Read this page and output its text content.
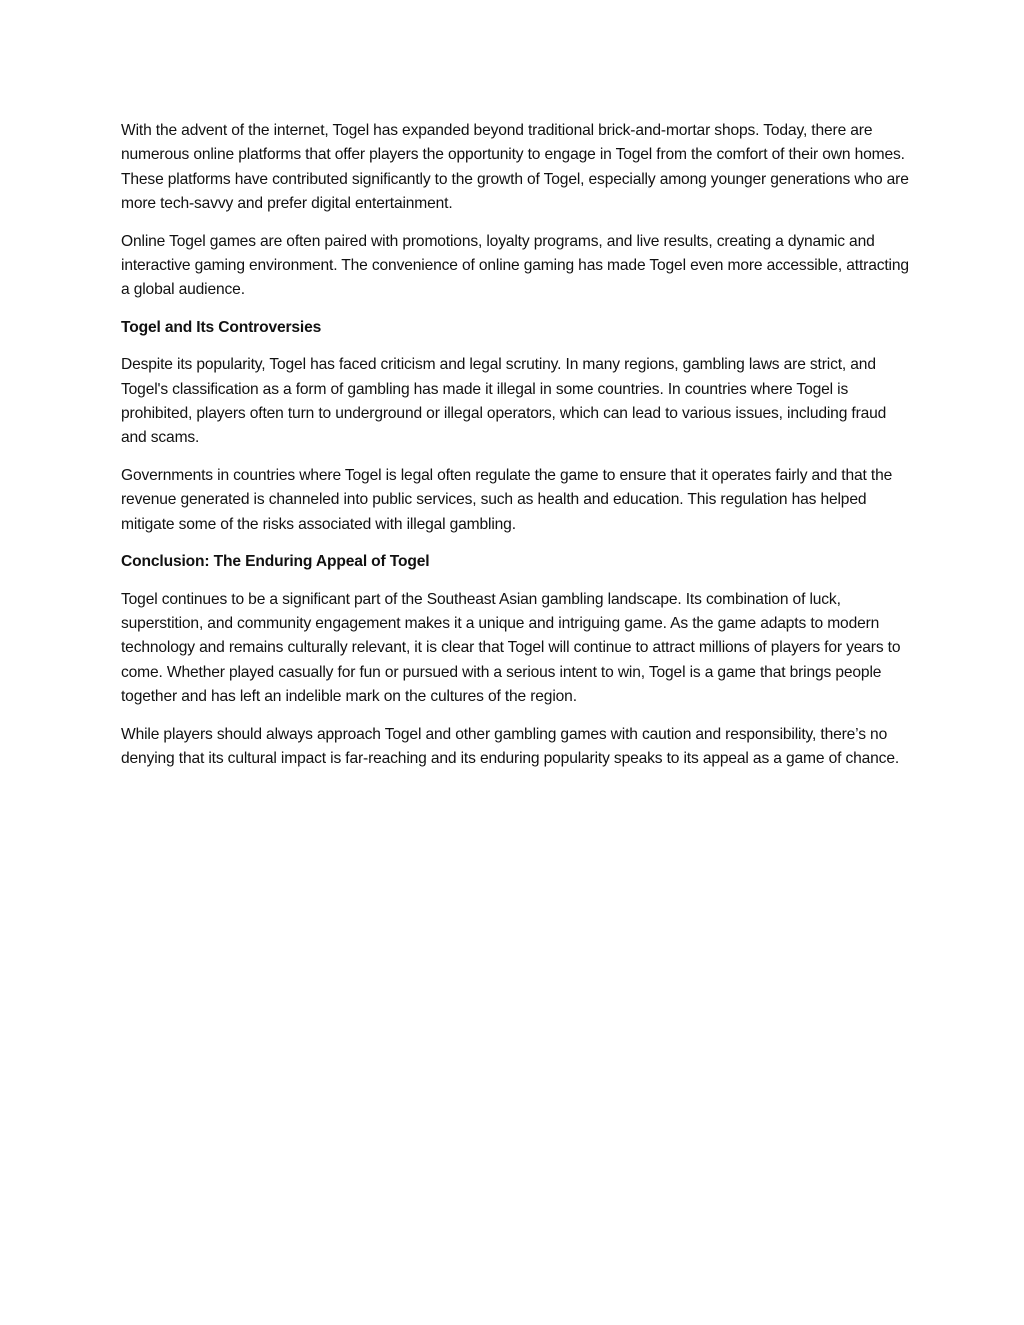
With the advent of the internet, Togel has expanded beyond traditional brick-and-mortar shops. Today, there are numerous online platforms that offer players the opportunity to engage in Togel from the comfort of their own homes. These platforms have contributed significantly to the growth of Togel, especially among younger generations who are more tech-savvy and prefer digital entertainment.

Online Togel games are often paired with promotions, loyalty programs, and live results, creating a dynamic and interactive gaming environment. The convenience of online gaming has made Togel even more accessible, attracting a global audience.

Togel and Its Controversies

Despite its popularity, Togel has faced criticism and legal scrutiny. In many regions, gambling laws are strict, and Togel's classification as a form of gambling has made it illegal in some countries. In countries where Togel is prohibited, players often turn to underground or illegal operators, which can lead to various issues, including fraud and scams.

Governments in countries where Togel is legal often regulate the game to ensure that it operates fairly and that the revenue generated is channeled into public services, such as health and education. This regulation has helped mitigate some of the risks associated with illegal gambling.

Conclusion: The Enduring Appeal of Togel

Togel continues to be a significant part of the Southeast Asian gambling landscape. Its combination of luck, superstition, and community engagement makes it a unique and intriguing game. As the game adapts to modern technology and remains culturally relevant, it is clear that Togel will continue to attract millions of players for years to come. Whether played casually for fun or pursued with a serious intent to win, Togel is a game that brings people together and has left an indelible mark on the cultures of the region.

While players should always approach Togel and other gambling games with caution and responsibility, there’s no denying that its cultural impact is far-reaching and its enduring popularity speaks to its appeal as a game of chance.
